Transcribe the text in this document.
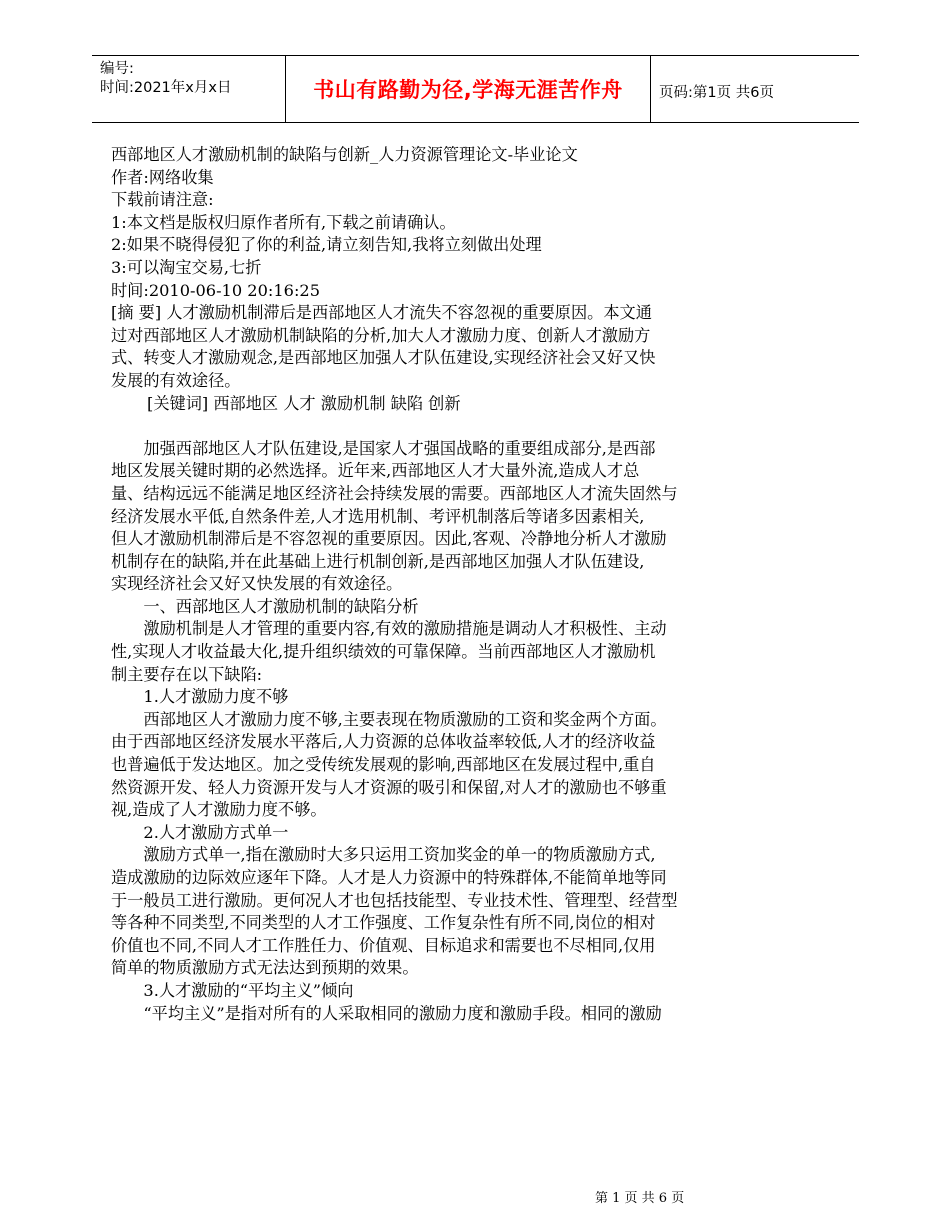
编号:
时间:2021年x月x日	书山有路勤为径,学海无涯苦作舟	页码:第1页 共6页

西部地区人才激励机制的缺陷与创新_人力资源管理论文-毕业论文

作者:网络收集

下载前请注意:

1:本文档是版权归原作者所有,下载之前请确认。

2:如果不晓得侵犯了你的利益,请立刻告知,我将立刻做出处理

3:可以淘宝交易,七折

时间:2010-06-10 20:16:25

[摘 要] 人才激励机制滞后是西部地区人才流失不容忽视的重要原因。本文通

过对西部地区人才激励机制缺陷的分析,加大人才激励力度、创新人才激励方

式、转变人才激励观念,是西部地区加强人才队伍建设,实现经济社会又好又快

发展的有效途径。

[关键词] 西部地区 人才 激励机制 缺陷 创新

加强西部地区人才队伍建设,是国家人才强国战略的重要组成部分,是西部

地区发展关键时期的必然选择。近年来,西部地区人才大量外流,造成人才总

量、结构远远不能满足地区经济社会持续发展的需要。西部地区人才流失固然与

经济发展水平低,自然条件差,人才选用机制、考评机制落后等诸多因素相关,

但人才激励机制滞后是不容忽视的重要原因。因此,客观、冷静地分析人才激励

机制存在的缺陷,并在此基础上进行机制创新,是西部地区加强人才队伍建设,

实现经济社会又好又快发展的有效途径。

一、西部地区人才激励机制的缺陷分析

激励机制是人才管理的重要内容,有效的激励措施是调动人才积极性、主动

性,实现人才收益最大化,提升组织绩效的可靠保障。当前西部地区人才激励机

制主要存在以下缺陷:

1.人才激励力度不够

西部地区人才激励力度不够,主要表现在物质激励的工资和奖金两个方面。

由于西部地区经济发展水平落后,人力资源的总体收益率较低,人才的经济收益

也普遍低于发达地区。加之受传统发展观的影响,西部地区在发展过程中,重自

然资源开发、轻人力资源开发与人才资源的吸引和保留,对人才的激励也不够重

视,造成了人才激励力度不够。

2.人才激励方式单一

激励方式单一,指在激励时大多只运用工资加奖金的单一的物质激励方式,

造成激励的边际效应逐年下降。人才是人力资源中的特殊群体,不能简单地等同

于一般员工进行激励。更何况人才也包括技能型、专业技术性、管理型、经营型

等各种不同类型,不同类型的人才工作强度、工作复杂性有所不同,岗位的相对

价值也不同,不同人才工作胜任力、价值观、目标追求和需要也不尽相同,仅用

简单的物质激励方式无法达到预期的效果。

3.人才激励的“平均主义”倾向

“平均主义”是指对所有的人采取相同的激励力度和激励手段。相同的激励

第 1 页 共 6 页
